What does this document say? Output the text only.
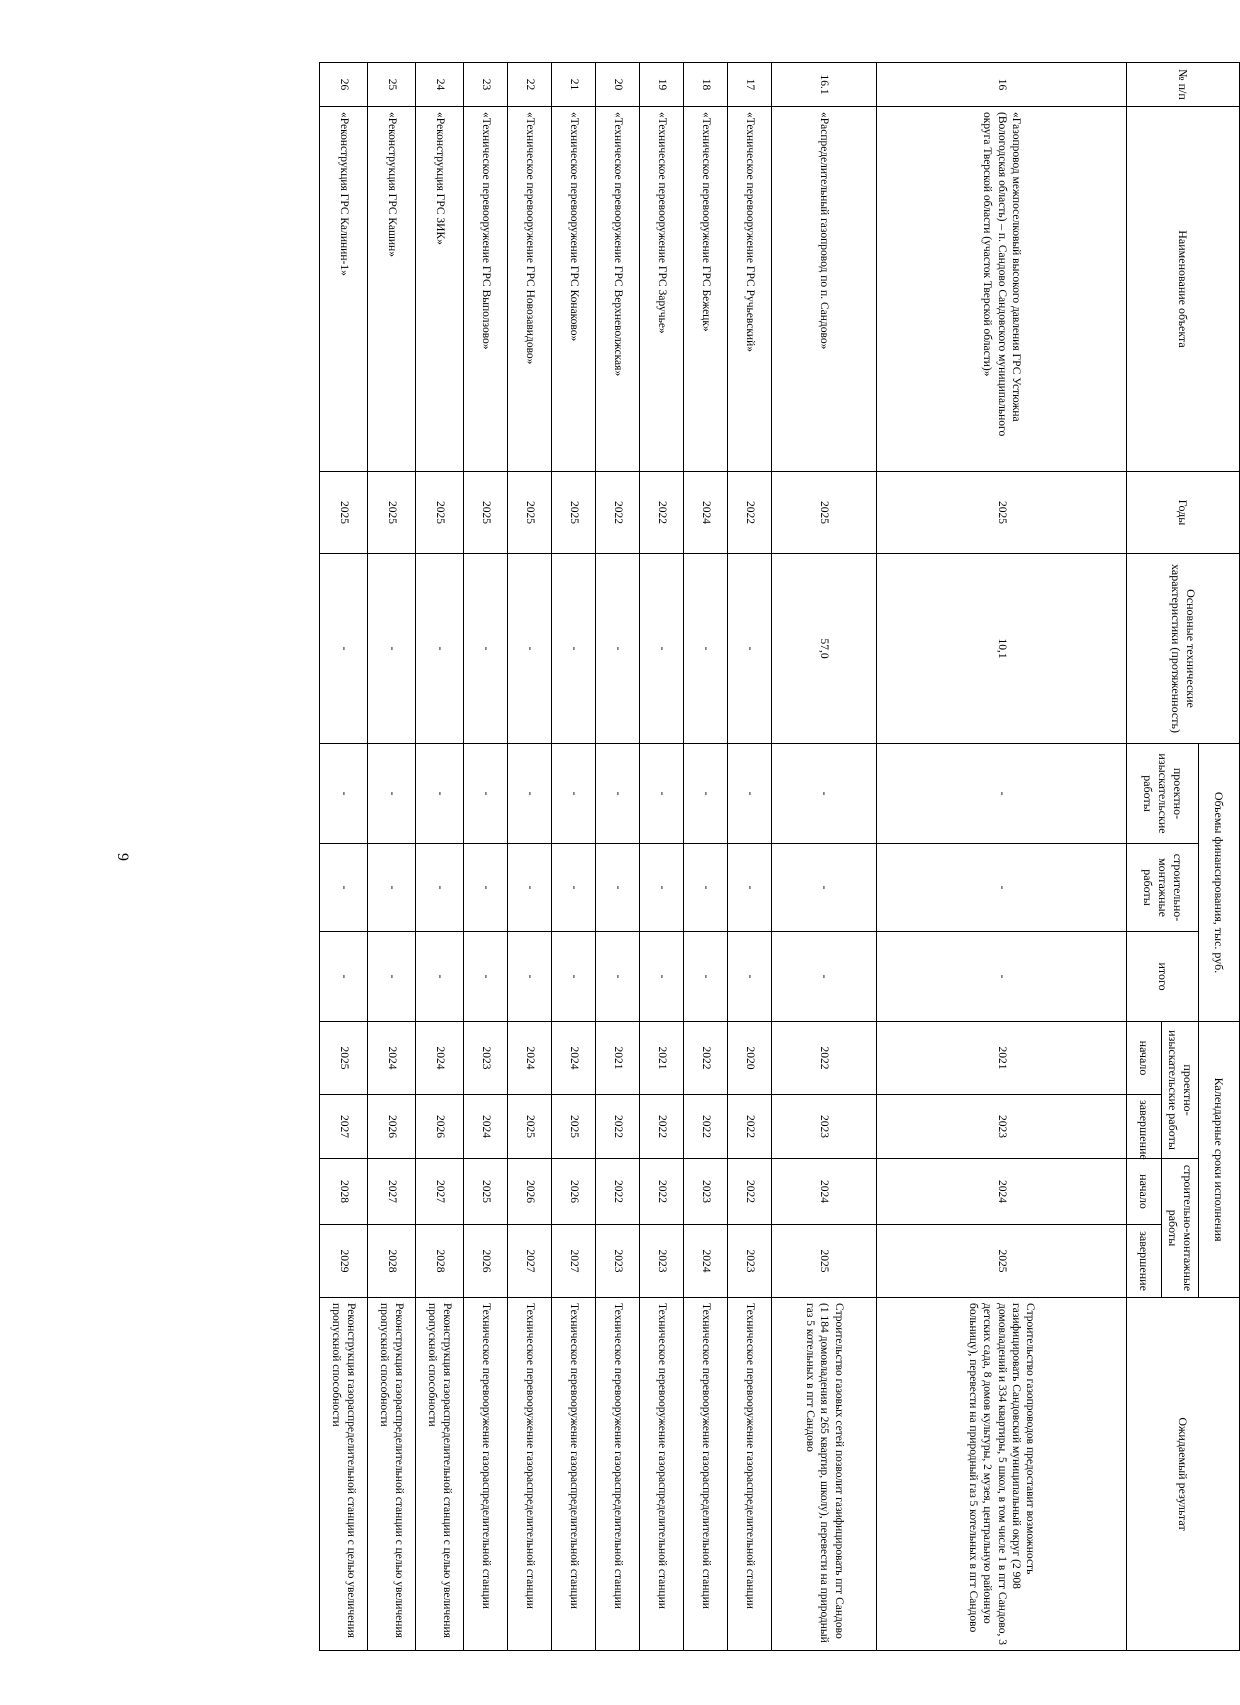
9
№ п/п	Наименование объекта	Годы	Основные технические характеристики (протяженность)	Объемы финансирования, тыс. руб.			Календарные сроки исполнения				Ожидаемый результат
				проектно-изыскательские работы	строительно-монтажные работы	итого	проектно-изыскательские работы		строительно-монтажные работы		
							начало	завершение	начало	завершение	
16	«Газопровод межпоселковый высокого давления ГРС Устюжна (Вологодская область) – п. Сандово Сандовского муниципального округа Тверской области (участок Тверской области)»	2025	10,1	-	-	-	2021	2023	2024	2025	Строительство газопроводов предоставит возможность газифицировать Сандовский муниципальный округ (2 908 домовладений и 334 квартиры, 5 школ, в том числе 1 в пгт Сандово, 3 детских сада, 8 домов культуры, 2 музея, центральную районную больницу), перевести на природный газ 5 котельных в пгт Сандово
16.1	«Распределительный газопровод по п. Сандово»	2025	57,0	-	-	-	2022	2023	2024	2025	Строительство газовых сетей позволит газифицировать пгт Сандово (1 184 домовладения и 265 квартир, школу), перевести на природный газ 5 котельных в пгт Сандово
17	«Техническое перевооружение ГРС Ручьевский»	2022	-	-	-	-	2020	2022	2022	2023	Техническое перевооружение газораспределительной станции
18	«Техническое перевооружение ГРС Бежецк»	2024	-	-	-	-	2022	2022	2023	2024	Техническое перевооружение газораспределительной станции
19	«Техническое перевооружение ГРС Заручье»	2022	-	-	-	-	2021	2022	2022	2023	Техническое перевооружение газораспределительной станции
20	«Техническое перевооружение ГРС Верхневолжская»	2022	-	-	-	-	2021	2022	2022	2023	Техническое перевооружение газораспределительной станции
21	«Техническое перевооружение ГРС Конаково»	2025	-	-	-	-	2024	2025	2026	2027	Техническое перевооружение газораспределительной станции
22	«Техническое перевооружение ГРС Новозавидово»	2025	-	-	-	-	2024	2025	2026	2027	Техническое перевооружение газораспределительной станции
23	«Техническое перевооружение ГРС Выползово»	2025	-	-	-	-	2023	2024	2025	2026	Техническое перевооружение газораспределительной станции
24	«Реконструкция ГРС ЗИК»	2025	-	-	-	-	2024	2026	2027	2028	Реконструкция газораспределительной станции с целью увеличения пропускной способности
25	«Реконструкция ГРС Кашин»	2025	-	-	-	-	2024	2026	2027	2028	Реконструкция газораспределительной станции с целью увеличения пропускной способности
26	«Реконструкция ГРС Калинин-1»	2025	-	-	-	-	2025	2027	2028	2029	Реконструкция газораспределительной станции с целью увеличения пропускной способности
